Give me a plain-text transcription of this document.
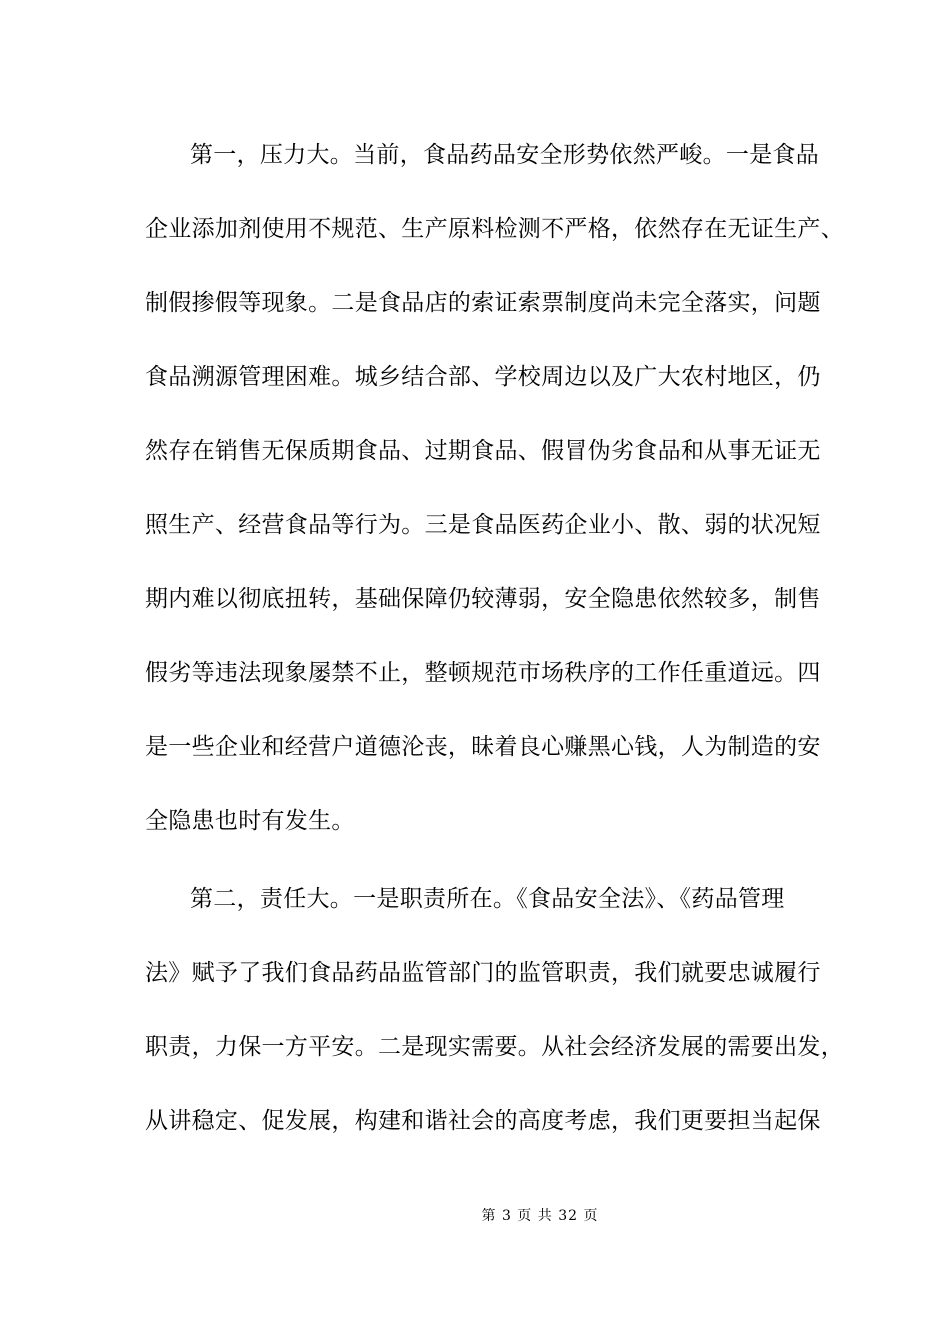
第一，压力大。当前，食品药品安全形势依然严峻。一是食品
企业添加剂使用不规范、生产原料检测不严格，依然存在无证生产、
制假掺假等现象。二是食品店的索证索票制度尚未完全落实，问题
食品溯源管理困难。城乡结合部、学校周边以及广大农村地区，仍
然存在销售无保质期食品、过期食品、假冒伪劣食品和从事无证无
照生产、经营食品等行为。三是食品医药企业小、散、弱的状况短
期内难以彻底扭转，基础保障仍较薄弱，安全隐患依然较多，制售
假劣等违法现象屡禁不止，整顿规范市场秩序的工作任重道远。四
是一些企业和经营户道德沦丧，昧着良心赚黑心钱，人为制造的安
全隐患也时有发生。
第二，责任大。一是职责所在。《食品安全法》、《药品管理
法》赋予了我们食品药品监管部门的监管职责，我们就要忠诚履行
职责，力保一方平安。二是现实需要。从社会经济发展的需要出发，
从讲稳定、促发展，构建和谐社会的高度考虑，我们更要担当起保
第 3 页 共 32 页
